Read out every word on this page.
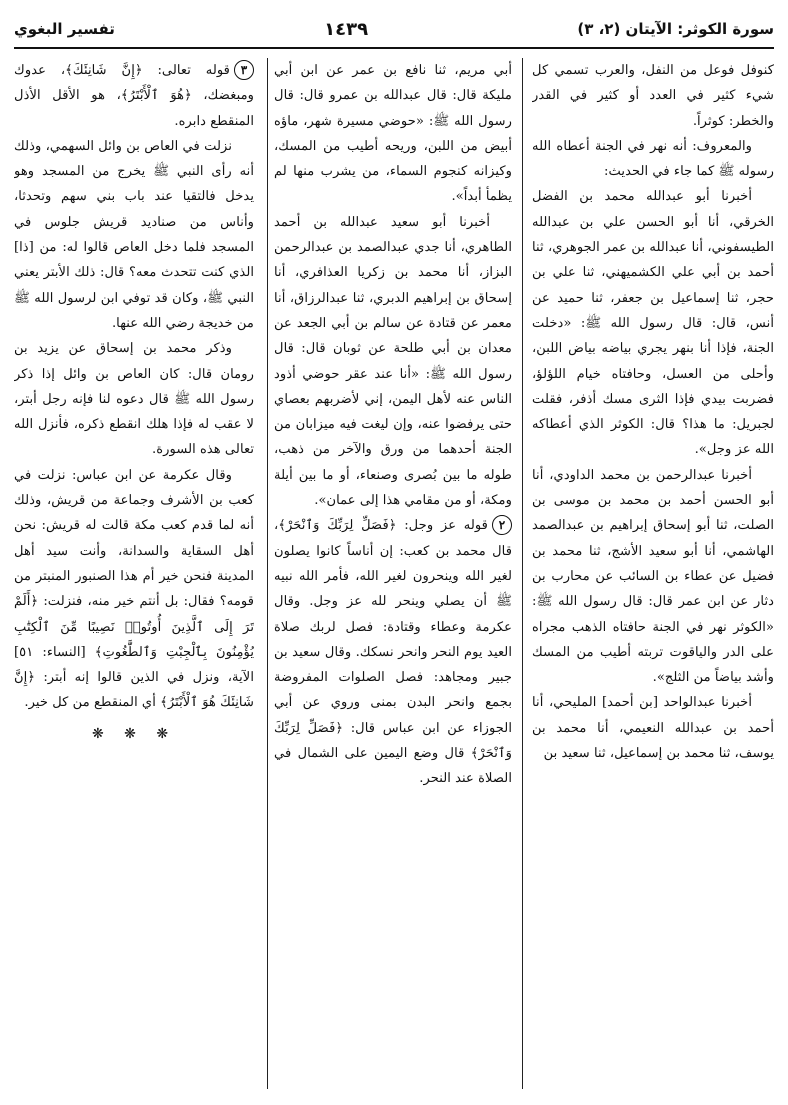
تفسير البغوي	١٤٣٩	سورة الكوثر: الآيتان (٢، ٣)

كنوفل فوعل من النفل، والعرب تسمي كل شيء كثير في العدد أو كثير في القدر والخطر: كوثراً.

والمعروف: أنه نهر في الجنة أعطاه الله رسوله ﷺ كما جاء في الحديث:

أخبرنا أبو عبدالله محمد بن الفضل الخرقي، أنا أبو الحسن علي بن عبدالله الطيسفوني، أنا عبدالله بن عمر الجوهري، ثنا أحمد بن أبي علي الكشميهني، ثنا علي بن حجر، ثنا إسماعيل بن جعفر، ثنا حميد عن أنس، قال: قال رسول الله ﷺ: «دخلت الجنة، فإذا أنا بنهر يجري بياضه بياض اللبن، وأحلى من العسل، وحافتاه خيام اللؤلؤ، فضربت بيدي فإذا الثرى مسك أذفر، فقلت لجبريل: ما هذا؟ قال: الكوثر الذي أعطاكه الله عز وجل».

أخبرنا عبدالرحمن بن محمد الداودي، أنا أبو الحسن أحمد بن محمد بن موسى بن الصلت، ثنا أبو إسحاق إبراهيم بن عبدالصمد الهاشمي، أنا أبو سعيد الأشج، ثنا محمد بن فضيل عن عطاء بن السائب عن محارب بن دثار عن ابن عمر قال: قال رسول الله ﷺ: «الكوثر نهر في الجنة حافتاه الذهب مجراه على الدر والياقوت تربته أطيب من المسك وأشد بياضاً من الثلج».

أخبرنا عبدالواحد [بن أحمد] المليحي، أنا أحمد بن عبدالله النعيمي، أنا محمد بن يوسف، ثنا محمد بن إسماعيل، ثنا سعيد بن

أبي مريم، ثنا نافع بن عمر عن ابن أبي مليكة قال: قال عبدالله بن عمرو قال: قال رسول الله ﷺ: «حوضي مسيرة شهر، ماؤه أبيض من اللبن، وريحه أطيب من المسك، وكيزانه كنجوم السماء، من يشرب منها لم يظمأ أبداً».

أخبرنا أبو سعيد عبدالله بن أحمد الطاهري، أنا جدي عبدالصمد بن عبدالرحمن البزاز، أنا محمد بن زكريا العذافري، أنا إسحاق بن إبراهيم الدبري، ثنا عبدالرزاق، أنا معمر عن قتادة عن سالم بن أبي الجعد عن معدان بن أبي طلحة عن ثوبان قال: قال رسول الله ﷺ: «أنا عند عقر حوضي أذود الناس عنه لأهل اليمن، إني لأضربهم بعصاي حتى يرفضوا عنه، وإن ليغت فيه ميزابان من الجنة أحدهما من ورق والآخر من ذهب، طوله ما بين بُصرى وصنعاء، أو ما بين أيلة ومكة، أو من مقامي هذا إلى عمان».

٢قوله عز وجل: ﴿فَصَلِّ لِرَبِّكَ وَٱنْحَرْ﴾، قال محمد بن كعب: إن أناساً كانوا يصلون لغير الله وينحرون لغير الله، فأمر الله نبيه ﷺ أن يصلي وينحر لله عز وجل. وقال عكرمة وعطاء وقتادة: فصل لربك صلاة العيد يوم النحر وانحر نسكك. وقال سعيد بن جبير ومجاهد: فصل الصلوات المفروضة بجمع وانحر البدن بمنى وروي عن أبي الجوزاء عن ابن عباس قال: ﴿فَصَلِّ لِرَبِّكَ وَٱنْحَرْ﴾ قال وضع اليمين على الشمال في الصلاة عند النحر.

٣قوله تعالى: ﴿إِنَّ شَانِئَكَ﴾، عدوك ومبغضك، ﴿هُوَ ٱلْأَبْتَرُ﴾، هو الأقل الأذل المنقطع دابره.

نزلت في العاص بن وائل السهمي، وذلك أنه رأى النبي ﷺ يخرج من المسجد وهو يدخل فالتقيا عند باب بني سهم وتحدثا، وأناس من صناديد قريش جلوس في المسجد فلما دخل العاص قالوا له: من [ذا] الذي كنت تتحدث معه؟ قال: ذلك الأبتر يعني النبي ﷺ، وكان قد توفي ابن لرسول الله ﷺ من خديجة رضي الله عنها.

وذكر محمد بن إسحاق عن يزيد بن رومان قال: كان العاص بن وائل إذا ذكر رسول الله ﷺ قال دعوه لنا فإنه رجل أبتر، لا عقب له فإذا هلك انقطع ذكره، فأنزل الله تعالى هذه السورة.

وقال عكرمة عن ابن عباس: نزلت في كعب بن الأشرف وجماعة من قريش، وذلك أنه لما قدم كعب مكة قالت له قريش: نحن أهل السقاية والسدانة، وأنت سيد أهل المدينة فنحن خير أم هذا الصنبور المنبتر من قومه؟ فقال: بل أنتم خير منه، فنزلت: ﴿أَلَمْ تَرَ إِلَى ٱلَّذِينَ أُوتُوا۟ نَصِيبًا مِّنَ ٱلْكِتَٰبِ يُؤْمِنُونَ بِٱلْجِبْتِ وَٱلطَّٰغُوتِ﴾ [النساء: ٥١] الآية، ونزل في الذين قالوا إنه أبتر: ﴿إِنَّ شَانِئَكَ هُوَ ٱلْأَبْتَرُ﴾ أي المنقطع من كل خير.

❋ ❋ ❋
